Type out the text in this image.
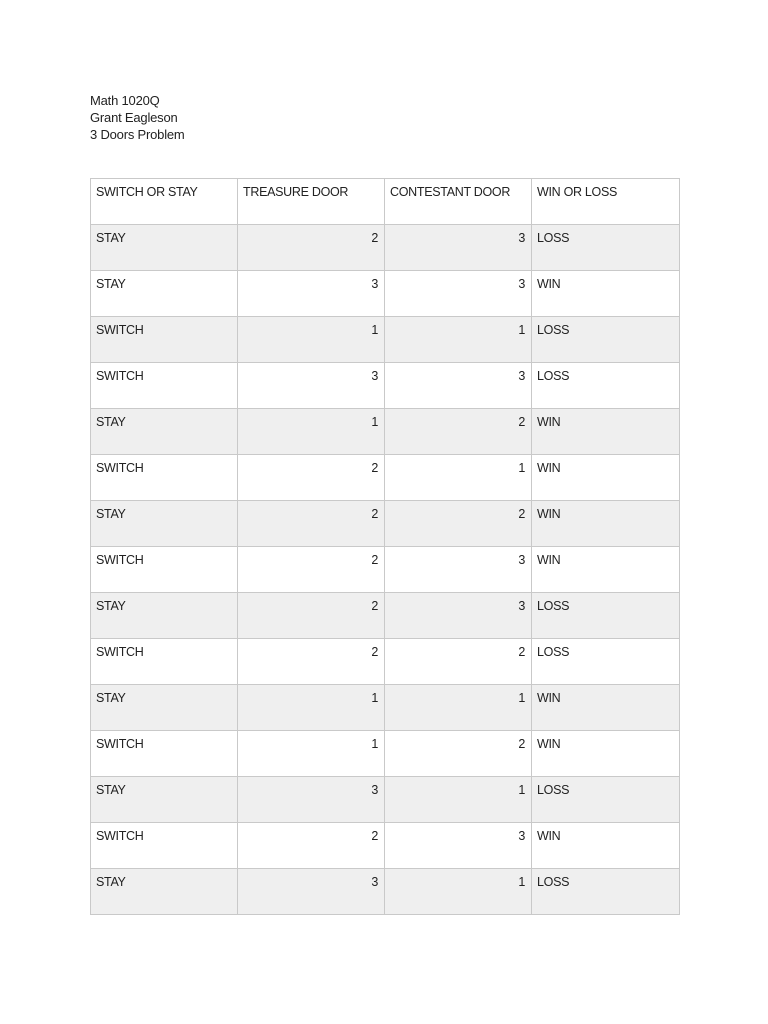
Math 1020Q
Grant Eagleson
3 Doors Problem
SWITCH OR STAY	TREASURE DOOR	CONTESTANT DOOR	WIN OR LOSS
STAY	2	3	LOSS
STAY	3	3	WIN
SWITCH	1	1	LOSS
SWITCH	3	3	LOSS
STAY	1	2	WIN
SWITCH	2	1	WIN
STAY	2	2	WIN
SWITCH	2	3	WIN
STAY	2	3	LOSS
SWITCH	2	2	LOSS
STAY	1	1	WIN
SWITCH	1	2	WIN
STAY	3	1	LOSS
SWITCH	2	3	WIN
STAY	3	1	LOSS
